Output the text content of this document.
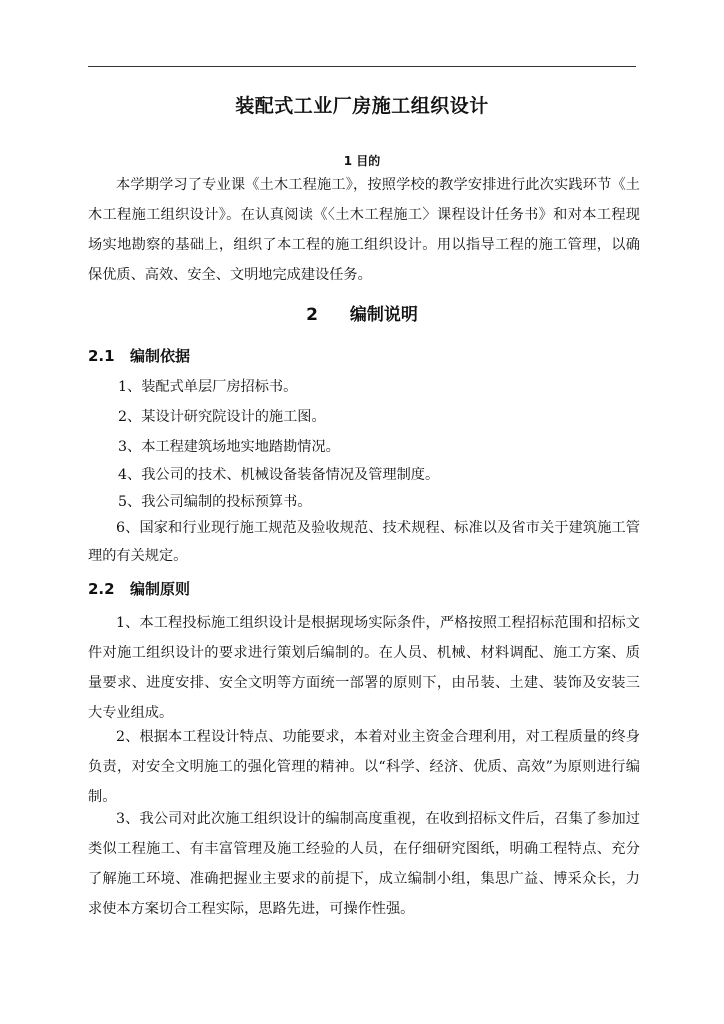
装配式工业厂房施工组织设计
1 目的
本学期学习了专业课《土木工程施工》，按照学校的教学安排进行此次实践环节《土木工程施工组织设计》。在认真阅读《〈土木工程施工〉课程设计任务书》和对本工程现场实地勘察的基础上，组织了本工程的施工组织设计。用以指导工程的施工管理，以确保优质、高效、安全、文明地完成建设任务。
2 编制说明
2.1 编制依据
1、装配式单层厂房招标书。
2、某设计研究院设计的施工图。
3、本工程建筑场地实地踏勘情况。
4、我公司的技术、机械设备装备情况及管理制度。
5、我公司编制的投标预算书。
6、国家和行业现行施工规范及验收规范、技术规程、标准以及省市关于建筑施工管理的有关规定。
2.2 编制原则
1、本工程投标施工组织设计是根据现场实际条件，严格按照工程招标范围和招标文件对施工组织设计的要求进行策划后编制的。在人员、机械、材料调配、施工方案、质量要求、进度安排、安全文明等方面统一部署的原则下，由吊装、土建、装饰及安装三大专业组成。
2、根据本工程设计特点、功能要求，本着对业主资金合理利用，对工程质量的终身负责，对安全文明施工的强化管理的精神。以“科学、经济、优质、高效”为原则进行编制。
3、我公司对此次施工组织设计的编制高度重视，在收到招标文件后，召集了参加过类似工程施工、有丰富管理及施工经验的人员，在仔细研究图纸，明确工程特点、充分了解施工环境、准确把握业主要求的前提下，成立编制小组，集思广益、博采众长，力求使本方案切合工程实际，思路先进，可操作性强。
